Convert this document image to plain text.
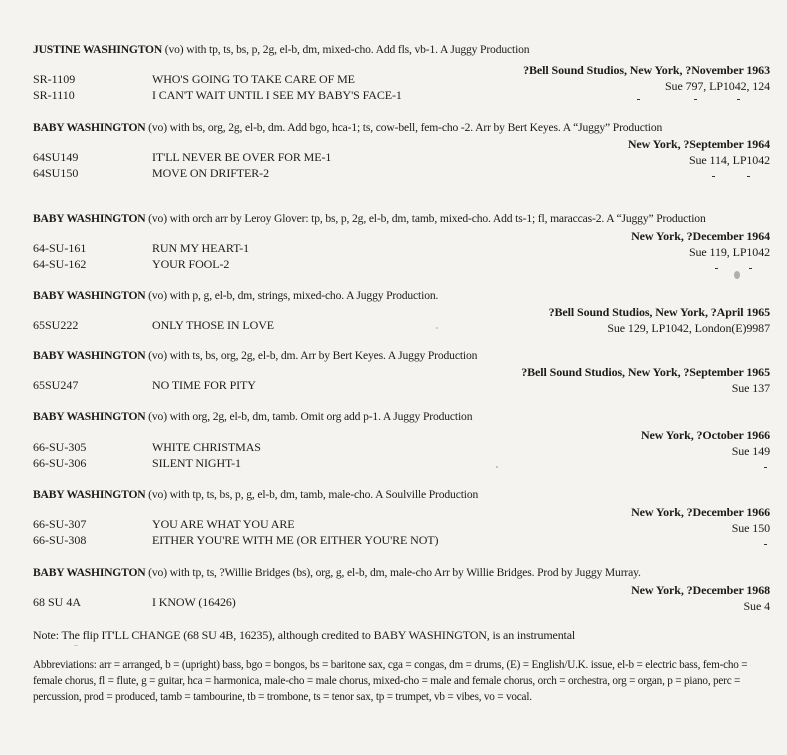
JUSTINE WASHINGTON (vo) with tp, ts, bs, p, 2g, el-b, dm, mixed-cho. Add fls, vb-1. A Juggy Production
?Bell Sound Studios, New York, ?November 1963
Sue 797, LP1042, 124
SR-1109	WHO'S GOING TO TAKE CARE OF ME
SR-1110	I CAN'T WAIT UNTIL I SEE MY BABY'S FACE-1
BABY WASHINGTON (vo) with bs, org, 2g, el-b, dm. Add bgo, hca-1; ts, cow-bell, fem-cho -2. Arr by Bert Keyes. A “Juggy” Production
New York, ?September 1964
Sue 114, LP1042
64SU149	IT'LL NEVER BE OVER FOR ME-1
64SU150	MOVE ON DRIFTER-2
BABY WASHINGTON (vo) with orch arr by Leroy Glover: tp, bs, p, 2g, el-b, dm, tamb, mixed-cho. Add ts-1; fl, maraccas-2. A “Juggy” Production
New York, ?December 1964
Sue 119, LP1042
64-SU-161	RUN MY HEART-1
64-SU-162	YOUR FOOL-2
BABY WASHINGTON (vo) with p, g, el-b, dm, strings, mixed-cho. A Juggy Production.
?Bell Sound Studios, New York, ?April 1965
Sue 129, LP1042, London(E)9987
65SU222	ONLY THOSE IN LOVE
BABY WASHINGTON (vo) with ts, bs, org, 2g, el-b, dm. Arr by Bert Keyes. A Juggy Production
?Bell Sound Studios, New York, ?September 1965
Sue 137
65SU247	NO TIME FOR PITY
BABY WASHINGTON (vo) with org, 2g, el-b, dm, tamb. Omit org add p-1. A Juggy Production
New York, ?October 1966
Sue 149
66-SU-305	WHITE CHRISTMAS
66-SU-306	SILENT NIGHT-1
BABY WASHINGTON (vo) with tp, ts, bs, p, g, el-b, dm, tamb, male-cho. A Soulville Production
New York, ?December 1966
Sue 150
66-SU-307	YOU ARE WHAT YOU ARE
66-SU-308	EITHER YOU'RE WITH ME (OR EITHER YOU'RE NOT)
BABY WASHINGTON (vo) with tp, ts, ?Willie Bridges (bs), org, g, el-b, dm, male-cho Arr by Willie Bridges. Prod by Juggy Murray.
New York, ?December 1968
Sue 4
68 SU 4A	I KNOW (16426)
Note: The flip IT'LL CHANGE (68 SU 4B, 16235), although credited to BABY WASHINGTON, is an instrumental
Abbreviations: arr = arranged, b = (upright) bass, bgo = bongos, bs = baritone sax, cga = congas, dm = drums, (E) = English/U.K. issue, el-b = electric bass, fem-cho = female chorus, fl = flute, g = guitar, hca = harmonica, male-cho = male chorus, mixed-cho = male and female chorus, orch = orchestra, org = organ, p = piano, perc = percussion, prod = produced, tamb = tambourine, tb = trombone, ts = tenor sax, tp = trumpet, vb = vibes, vo = vocal.
